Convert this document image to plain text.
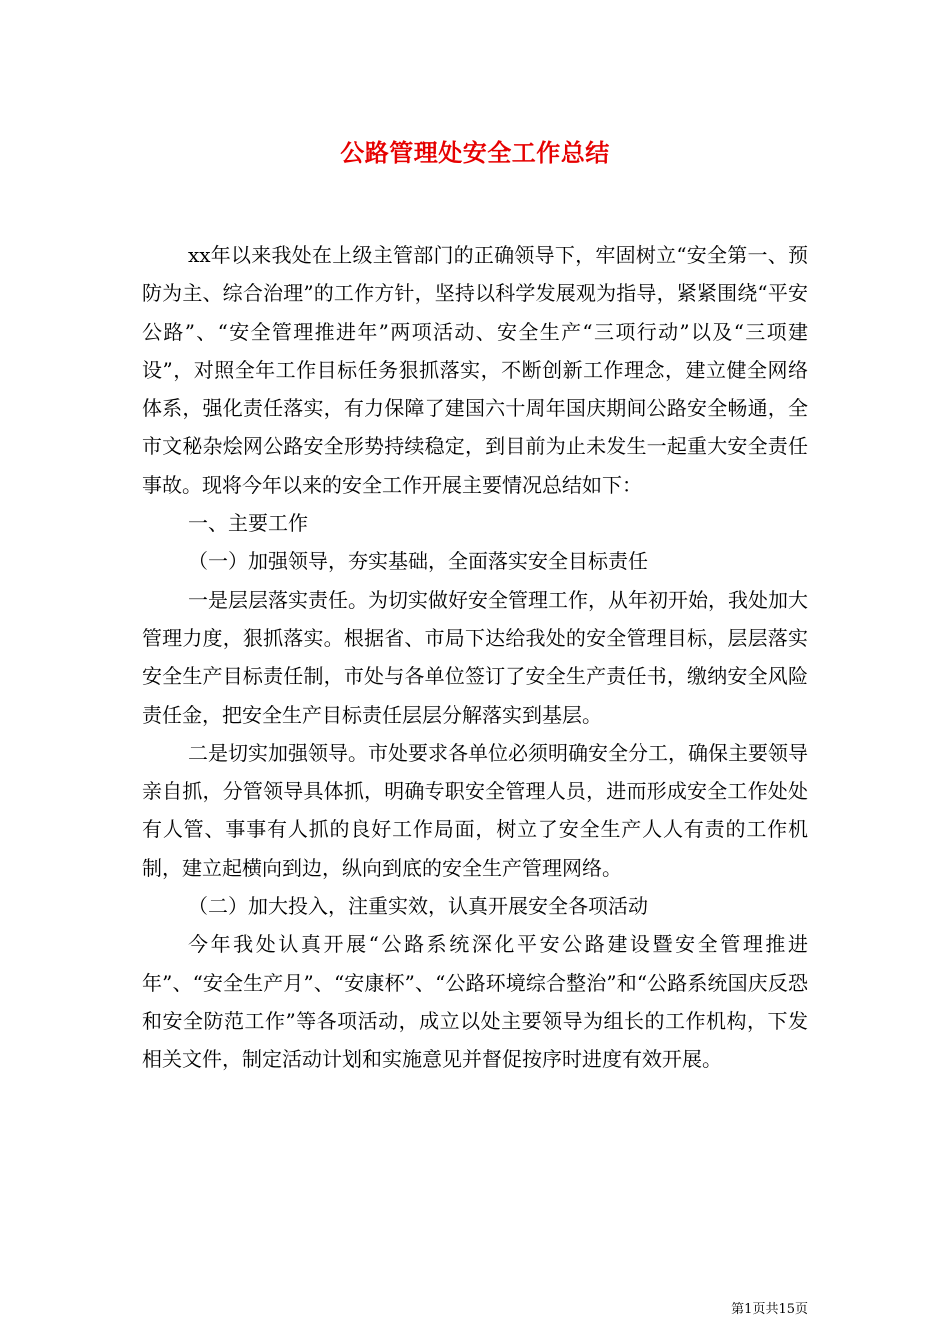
公路管理处安全工作总结

xx年以来我处在上级主管部门的正确领导下，牢固树立“安全第一、预防为主、综合治理”的工作方针，坚持以科学发展观为指导，紧紧围绕“平安公路”、“安全管理推进年”两项活动、安全生产“三项行动”以及“三项建设”，对照全年工作目标任务狠抓落实，不断创新工作理念，建立健全网络体系，强化责任落实，有力保障了建国六十周年国庆期间公路安全畅通，全市文秘杂烩网公路安全形势持续稳定，到目前为止未发生一起重大安全责任事故。现将今年以来的安全工作开展主要情况总结如下：

一、主要工作

（一）加强领导，夯实基础，全面落实安全目标责任

一是层层落实责任。为切实做好安全管理工作，从年初开始，我处加大管理力度，狠抓落实。根据省、市局下达给我处的安全管理目标，层层落实安全生产目标责任制，市处与各单位签订了安全生产责任书，缴纳安全风险责任金，把安全生产目标责任层层分解落实到基层。

二是切实加强领导。市处要求各单位必须明确安全分工，确保主要领导亲自抓，分管领导具体抓，明确专职安全管理人员，进而形成安全工作处处有人管、事事有人抓的良好工作局面，树立了安全生产人人有责的工作机制，建立起横向到边，纵向到底的安全生产管理网络。

（二）加大投入，注重实效，认真开展安全各项活动

今年我处认真开展“公路系统深化平安公路建设暨安全管理推进年”、“安全生产月”、“安康杯”、“公路环境综合整治”和“公路系统国庆反恐和安全防范工作”等各项活动，成立以处主要领导为组长的工作机构，下发相关文件，制定活动计划和实施意见并督促按序时进度有效开展。

第1页共15页
